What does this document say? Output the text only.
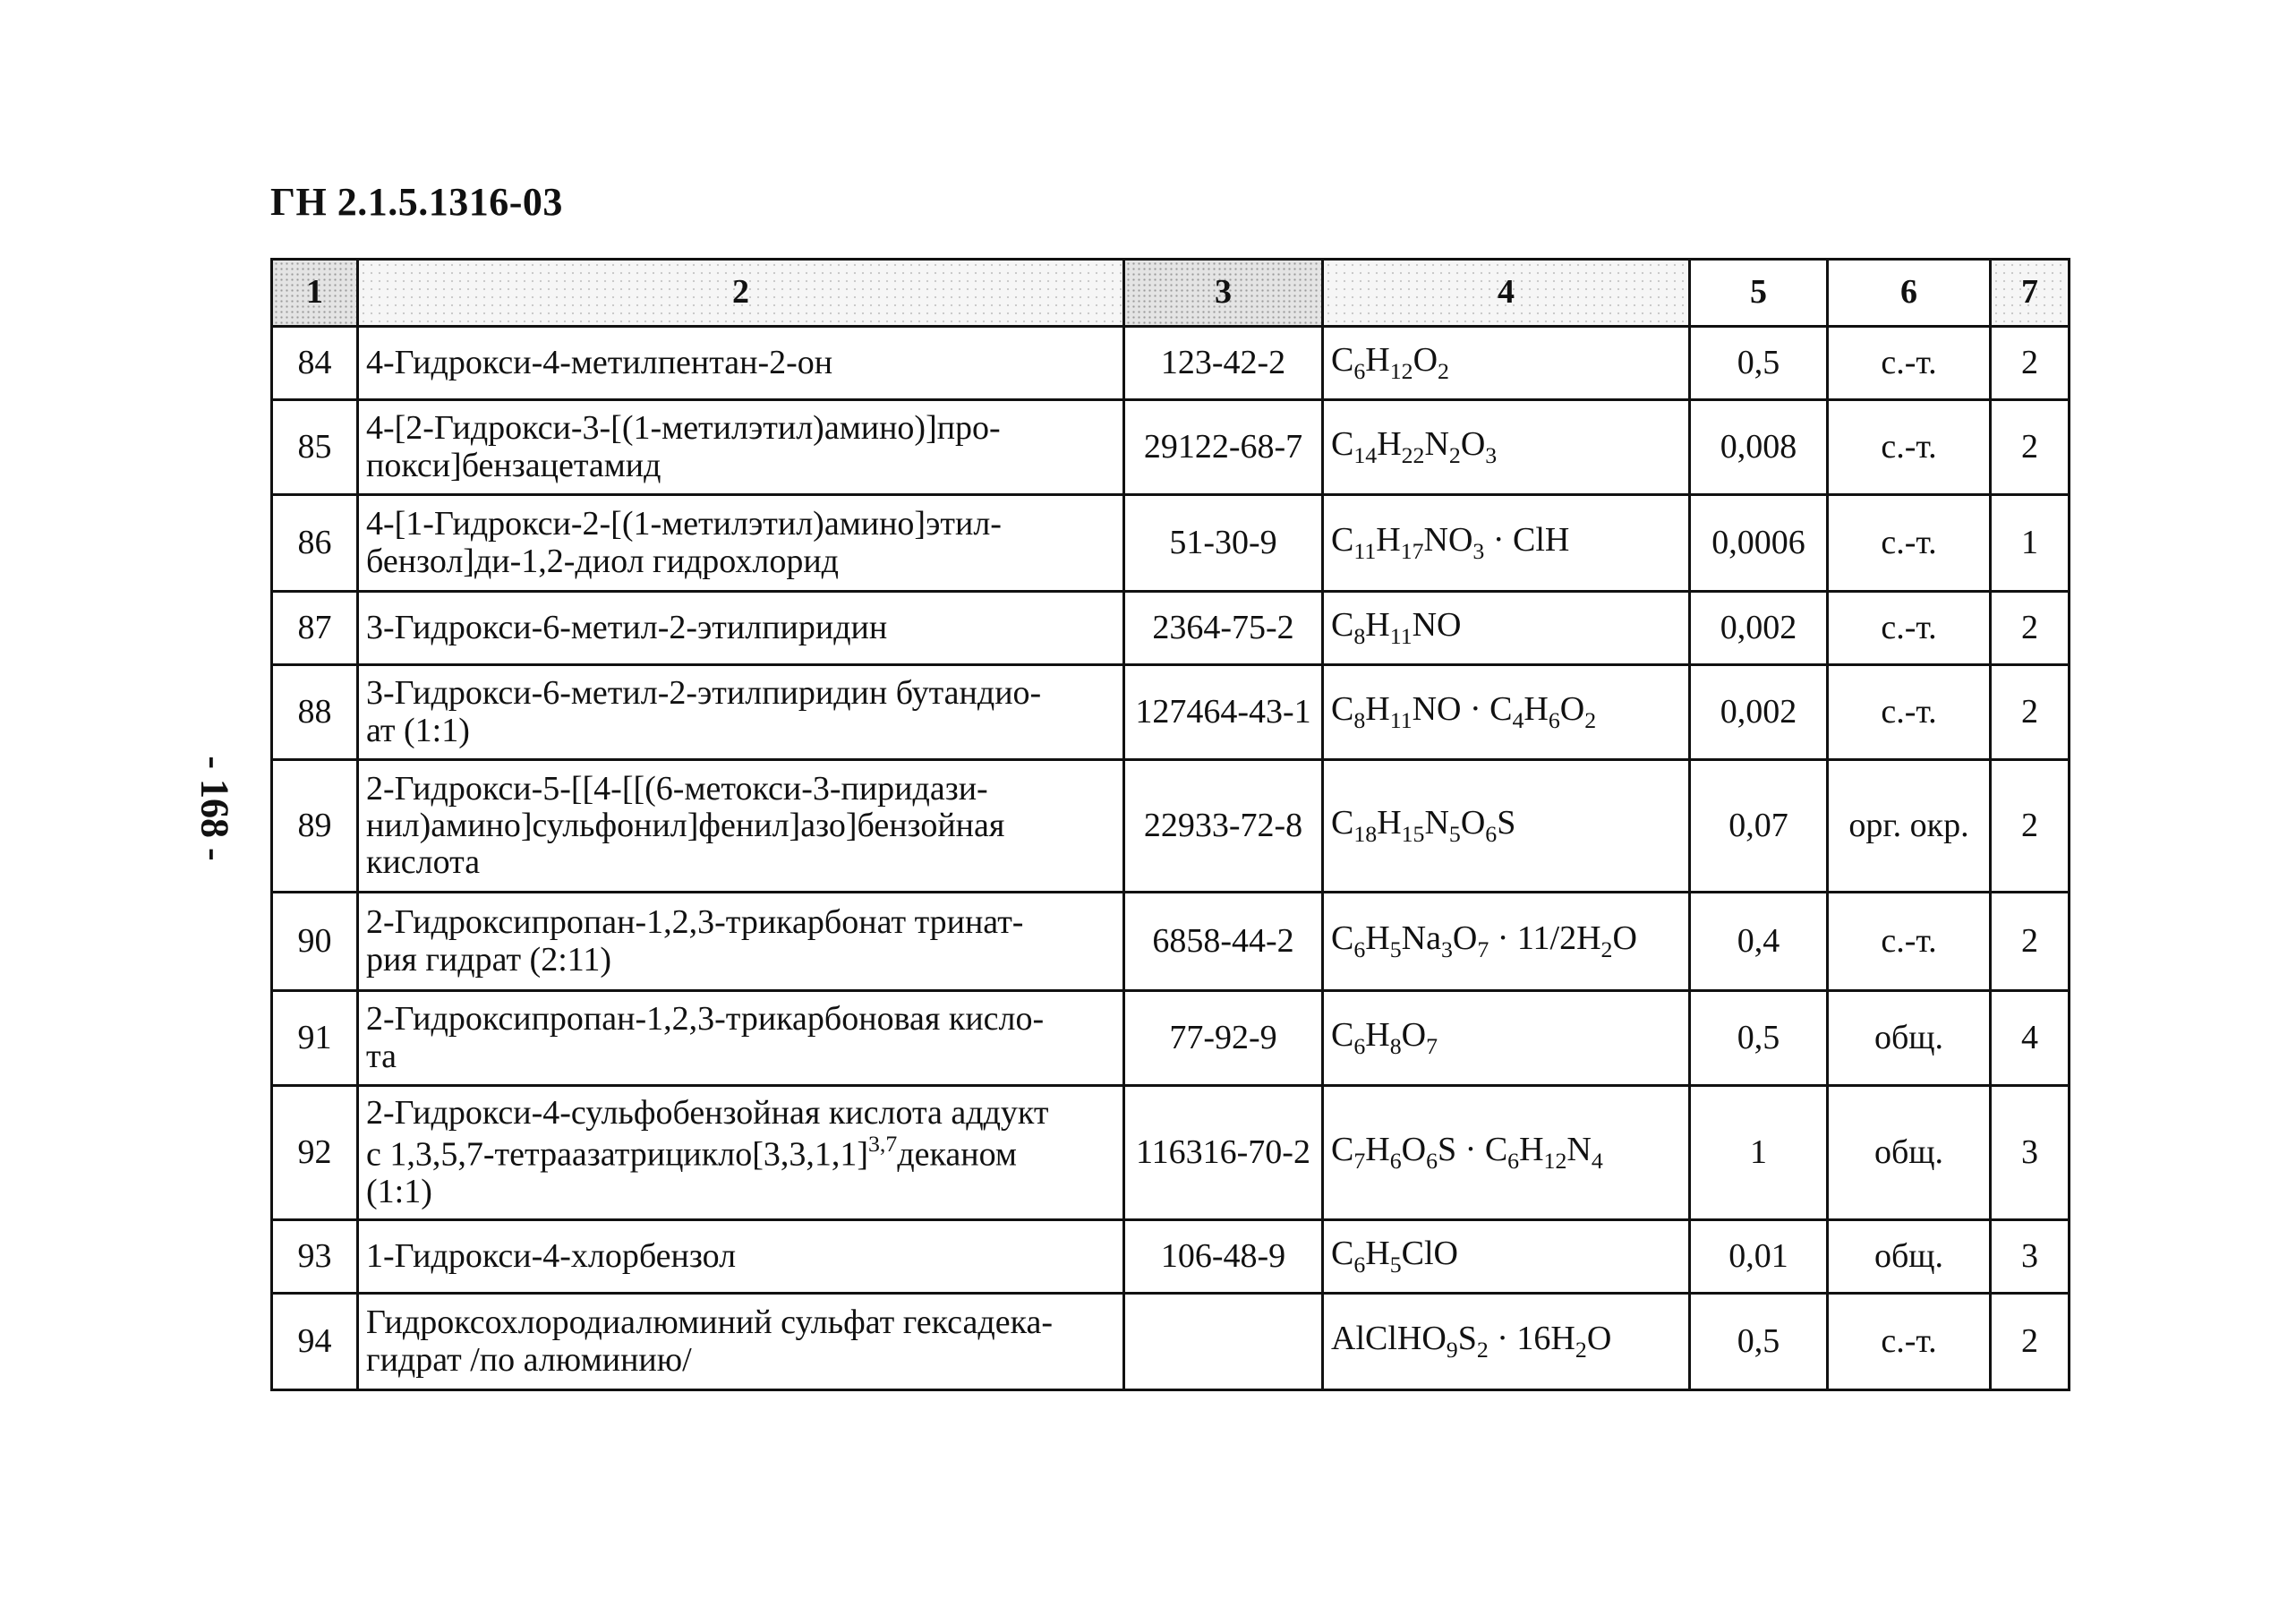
ГН 2.1.5.1316-03
- 168 -
1	2	3	4	5	6	7
84	4-Гидрокси-4-метилпентан-2-он	123-42-2	$C_6H_{12}O_2$	0,5	с.-т.	2
85	4-[2-Гидрокси-3-[(1-метилэтил)амино)]про-
покси]бензацетамид	29122-68-7	$C_{14}H_{22}N_2O_3$	0,008	с.-т.	2
86	4-[1-Гидрокси-2-[(1-метилэтил)амино]этил-
бензол]ди-1,2-диол гидрохлорид	51-30-9	$C_{11}H_{17}NO_3$ · ClH	0,0006	с.-т.	1
87	3-Гидрокси-6-метил-2-этилпиридин	2364-75-2	$C_8H_{11}NO$	0,002	с.-т.	2
88	3-Гидрокси-6-метил-2-этилпиридин бутандио-
ат (1:1)	127464-43-1	$C_8H_{11}NO \cdot C_4H_6O_2$	0,002	с.-т.	2
89	2-Гидрокси-5-[[4-[[(6-метокси-3-пиридази-
нил)амино]сульфонил]фенил]азо]бензойная
кислота	22933-72-8	$C_{18}H_{15}N_5O_6S$	0,07	орг. окр.	2
90	2-Гидроксипропан-1,2,3-трикарбонат тринат-
рия гидрат (2:11)	6858-44-2	$C_6H_5Na_3O_7 \cdot 11/2H_2O$	0,4	с.-т.	2
91	2-Гидроксипропан-1,2,3-трикарбоновая кисло-
та	77-92-9	$C_6H_8O_7$	0,5	общ.	4
92	2-Гидрокси-4-сульфобензойная кислота аддукт
с $1,3,5,7-тетраазатрицикло[3,3,1,1]^{3,7}деканом$
(1:1)	116316-70-2	$C_7H_6O_6S \cdot C_6H_{12}N_4$	1	общ.	3
93	1-Гидрокси-4-хлорбензол	106-48-9	$C_6H_5ClO$	0,01	общ.	3
94	Гидроксохлородиалюминий сульфат гексадека-
гидрат /по алюминию/		$AlClHO_9S_2 \cdot 16H_2O$	0,5	с.-т.	2
